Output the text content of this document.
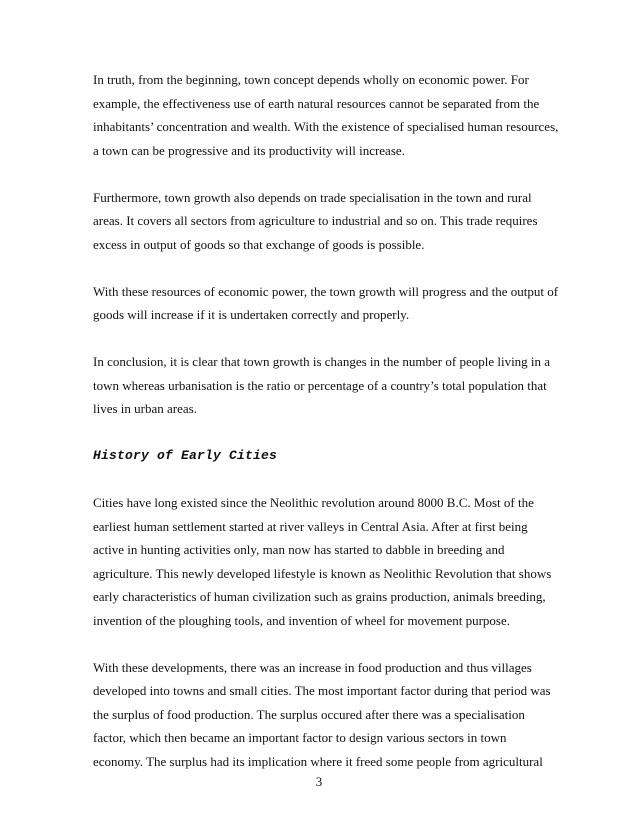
In truth, from the beginning, town concept depends wholly on economic power. For
example, the effectiveness use of earth natural resources cannot be separated from the
inhabitants’ concentration and wealth. With the existence of specialised human resources,
a town can be progressive and its productivity will increase.
Furthermore, town growth also depends on trade specialisation in the town and rural
areas. It covers all sectors from agriculture to industrial and so on. This trade requires
excess in output of goods so that exchange of goods is possible.
With these resources of economic power, the town growth will progress and the output of
goods will increase if it is undertaken correctly and properly.
In conclusion, it is clear that town growth is changes in the number of people living in a
town whereas urbanisation is the ratio or percentage of a country’s total population that
lives in urban areas.
History of Early Cities
Cities have long existed since the Neolithic revolution around 8000 B.C. Most of the
earliest human settlement started at river valleys in Central Asia. After at first being
active in hunting activities only, man now has started to dabble in breeding and
agriculture. This newly developed lifestyle is known as Neolithic Revolution that shows
early characteristics of human civilization such as grains production, animals breeding,
invention of the ploughing tools, and invention of wheel for movement purpose.
With these developments, there was an increase in food production and thus villages
developed into towns and small cities. The most important factor during that period was
the surplus of food production. The surplus occured after there was a specialisation
factor, which then became an important factor to design various sectors in town
economy. The surplus had its implication where it freed some people from agricultural
3
